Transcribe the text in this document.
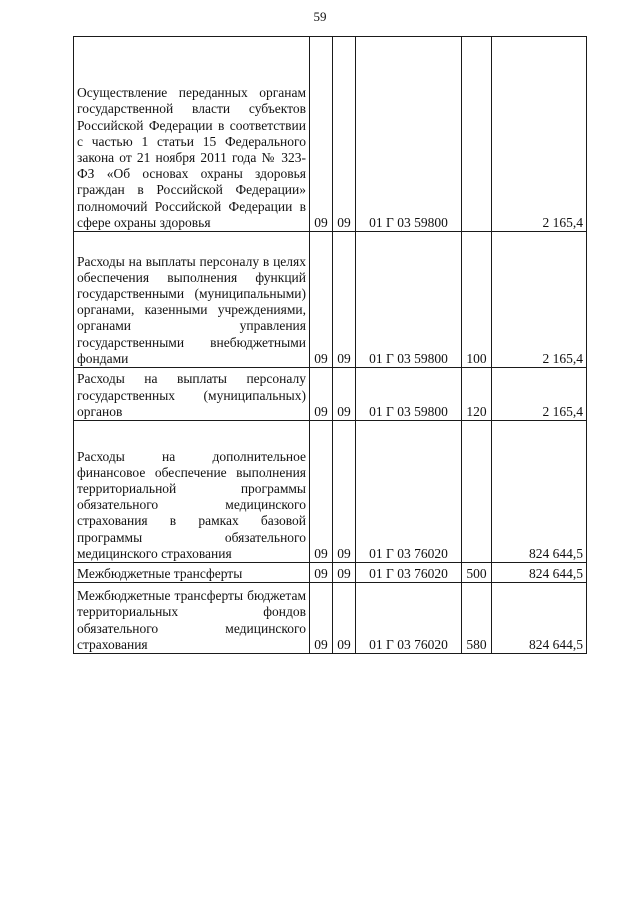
59
Осуществление переданных органам государственной власти субъектов Российской Федерации в соответствии с частью 1 статьи 15 Федерального закона от 21 ноября 2011 года № 323-ФЗ «Об основах охраны здоровья граждан в Российской Федерации» полномочий Российской Федерации в сфере охраны здоровья	09	09	01 Г 03 59800		2 165,4

Расходы на выплаты персоналу в целях обеспечения выполнения функций государственными (муниципальными) органами, казенными учреждениями, органами управления государственными внебюджетными фондами	09	09	01 Г 03 59800	100	2 165,4

Расходы на выплаты персоналу государственных (муниципальных) органов	09	09	01 Г 03 59800	120	2 165,4

Расходы на дополнительное финансовое обеспечение выполнения территориальной программы обязательного медицинского страхования в рамках базовой программы обязательного медицинского страхования	09	09	01 Г 03 76020		824 644,5

Межбюджетные трансферты	09	09	01 Г 03 76020	500	824 644,5

Межбюджетные трансферты бюджетам территориальных фондов обязательного медицинского страхования	09	09	01 Г 03 76020	580	824 644,5
